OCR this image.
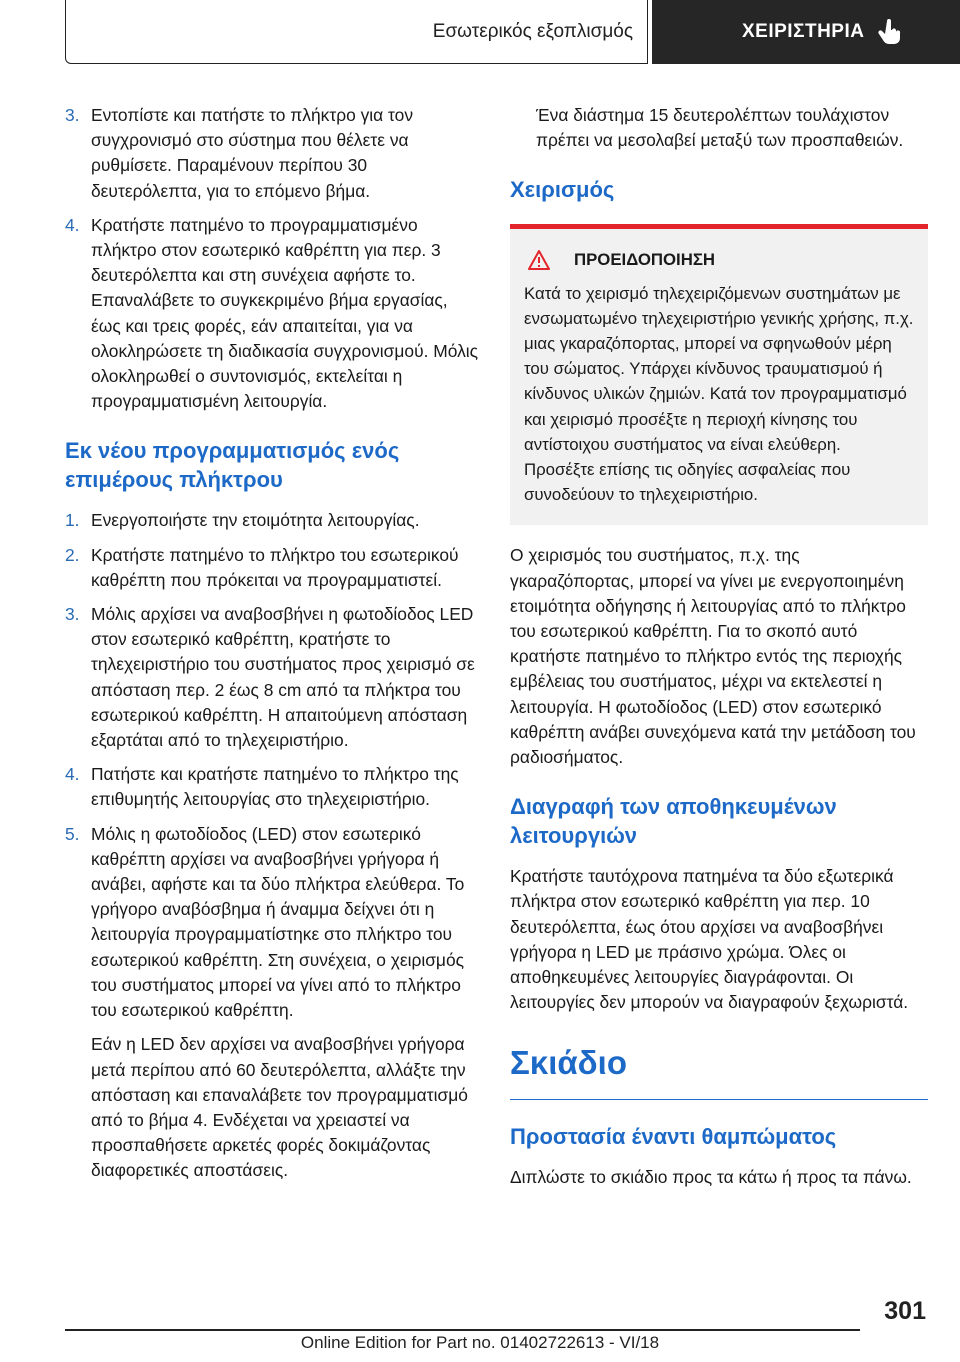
Εσωτερικός εξοπλισμός	ΧΕΙΡΙΣΤΗΡΙΑ
3. Εντοπίστε και πατήστε το πλήκτρο για τον συγχρονισμό στο σύστημα που θέλετε να ρυθμίσετε. Παραμένουν περίπου 30 δευτερόλεπτα, για το επόμενο βήμα.
4. Κρατήστε πατημένο το προγραμματισμένο πλήκτρο στον εσωτερικό καθρέπτη για περ. 3 δευτερόλεπτα και στη συνέχεια αφήστε το. Επαναλάβετε το συγκεκριμένο βήμα εργασίας, έως και τρεις φορές, εάν απαιτείται, για να ολοκληρώσετε τη διαδικασία συγχρονισμού. Μόλις ολοκληρωθεί ο συντονισμός, εκτελείται η προγραμματισμένη λειτουργία.
Εκ νέου προγραμματισμός ενός επιμέρους πλήκτρου
1. Ενεργοποιήστε την ετοιμότητα λειτουργίας.
2. Κρατήστε πατημένο το πλήκτρο του εσωτερικού καθρέπτη που πρόκειται να προγραμματιστεί.
3. Μόλις αρχίσει να αναβοσβήνει η φωτοδίοδος LED στον εσωτερικό καθρέπτη, κρατήστε το τηλεχειριστήριο του συστήματος προς χειρισμό σε απόσταση περ. 2 έως 8 cm από τα πλήκτρα του εσωτερικού καθρέπτη. Η απαιτούμενη απόσταση εξαρτάται από το τηλεχειριστήριο.
4. Πατήστε και κρατήστε πατημένο το πλήκτρο της επιθυμητής λειτουργίας στο τηλεχειριστήριο.
5. Μόλις η φωτοδίοδος (LED) στον εσωτερικό καθρέπτη αρχίσει να αναβοσβήνει γρήγορα ή ανάβει, αφήστε και τα δύο πλήκτρα ελεύθερα. Το γρήγορο αναβόσβημα ή άναμμα δείχνει ότι η λειτουργία προγραμματίστηκε στο πλήκτρο του εσωτερικού καθρέπτη. Στη συνέχεια, ο χειρισμός του συστήματος μπορεί να γίνει από το πλήκτρο του εσωτερικού καθρέπτη.

Εάν η LED δεν αρχίσει να αναβοσβήνει γρήγορα μετά περίπου από 60 δευτερόλεπτα, αλλάξτε την απόσταση και επαναλάβετε τον προγραμματισμό από το βήμα 4. Ενδέχεται να χρειαστεί να προσπαθήσετε αρκετές φορές δοκιμάζοντας διαφορετικές αποστάσεις.

Ένα διάστημα 15 δευτερολέπτων τουλάχιστον πρέπει να μεσολαβεί μεταξύ των προσπαθειών.

Χειρισμός
ΠΡΟΕΙΔΟΠΟΙΗΣΗ
Κατά το χειρισμό τηλεχειριζόμενων συστημάτων με ενσωματωμένο τηλεχειριστήριο γενικής χρήσης, π.χ. μιας γκαραζόπορτας, μπορεί να σφηνωθούν μέρη του σώματος. Υπάρχει κίνδυνος τραυματισμού ή κίνδυνος υλικών ζημιών. Κατά τον προγραμματισμό και χειρισμό προσέξτε η περιοχή κίνησης του αντίστοιχου συστήματος να είναι ελεύθερη. Προσέξτε επίσης τις οδηγίες ασφαλείας που συνοδεύουν το τηλεχειριστήριο.

Ο χειρισμός του συστήματος, π.χ. της γκαραζόπορτας, μπορεί να γίνει με ενεργοποιημένη ετοιμότητα οδήγησης ή λειτουργίας από το πλήκτρο του εσωτερικού καθρέπτη. Για το σκοπό αυτό κρατήστε πατημένο το πλήκτρο εντός της περιοχής εμβέλειας του συστήματος, μέχρι να εκτελεστεί η λειτουργία. Η φωτοδίοδος (LED) στον εσωτερικό καθρέπτη ανάβει συνεχόμενα κατά την μετάδοση του ραδιοσήματος.

Διαγραφή των αποθηκευμένων λειτουργιών

Κρατήστε ταυτόχρονα πατημένα τα δύο εξωτερικά πλήκτρα στον εσωτερικό καθρέπτη για περ. 10 δευτερόλεπτα, έως ότου αρχίσει να αναβοσβήνει γρήγορα η LED με πράσινο χρώμα. Όλες οι αποθηκευμένες λειτουργίες διαγράφονται. Οι λειτουργίες δεν μπορούν να διαγραφούν ξεχωριστά.

Σκιάδιο
Προστασία έναντι θαμπώματος

Διπλώστε το σκιάδιο προς τα κάτω ή προς τα πάνω.

301
Online Edition for Part no. 01402722613 - VI/18
